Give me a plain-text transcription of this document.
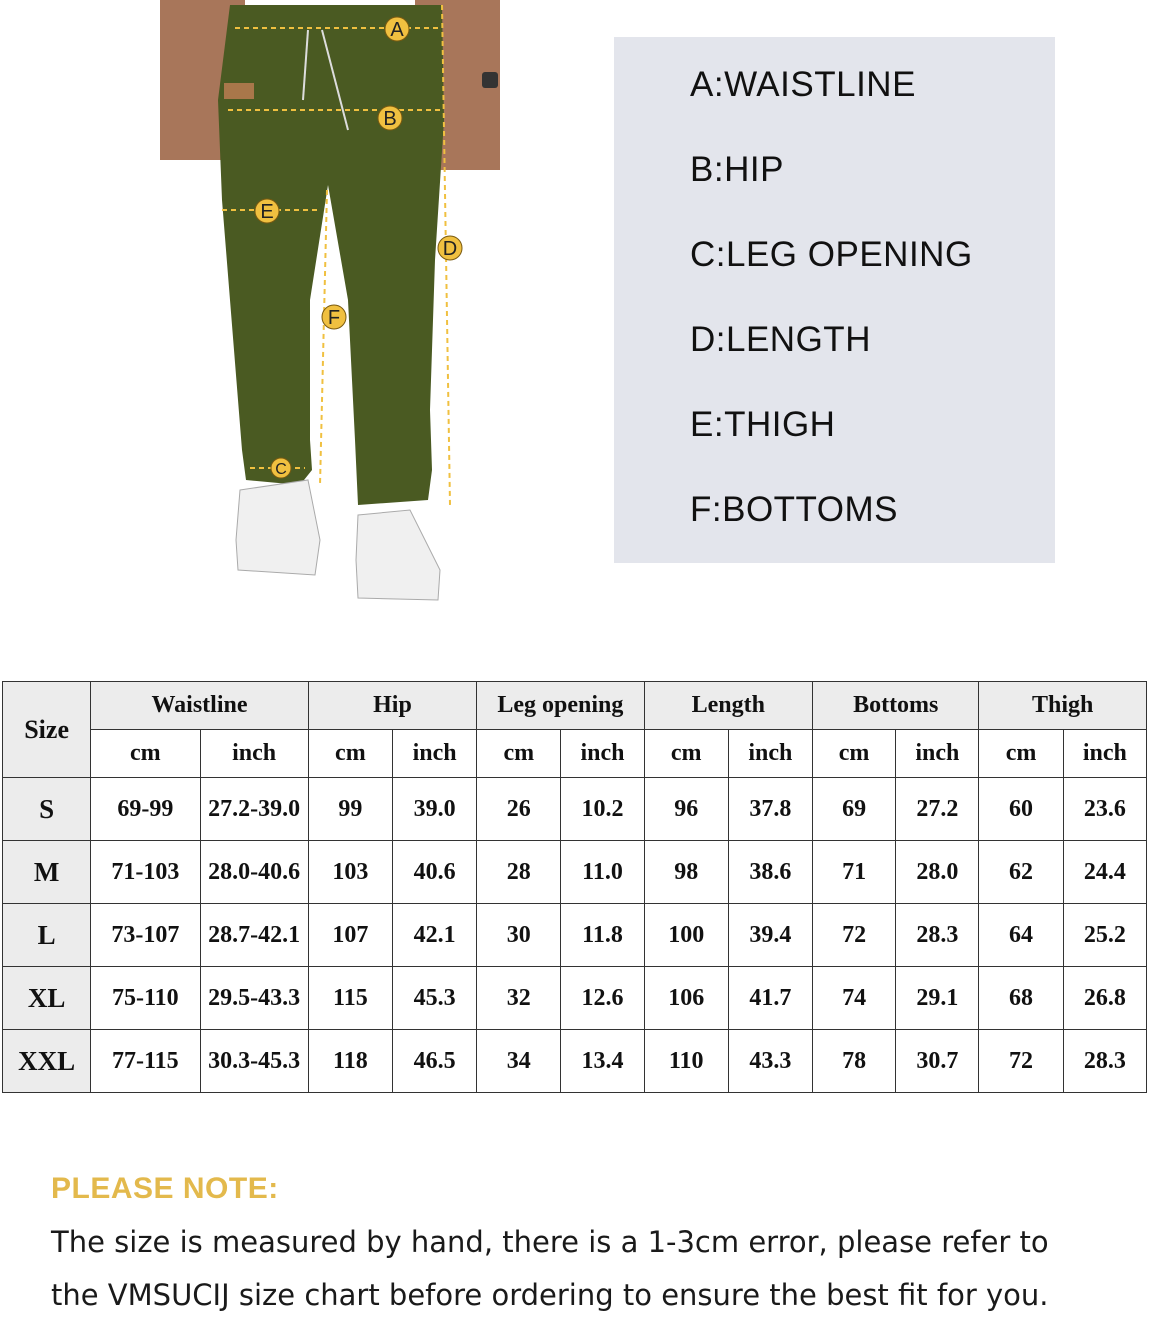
A
B
E
D
F
C
A:WAISTLINE
B:HIP
C:LEG OPENING
D:LENGTH
E:THIGH
F:BOTTOMS
Size	Waistline		Hip		Leg opening		Length		Bottoms		Thigh	
	cm	inch	cm	inch	cm	inch	cm	inch	cm	inch	cm	inch
S	69-99	27.2-39.0	99	39.0	26	10.2	96	37.8	69	27.2	60	23.6
M	71-103	28.0-40.6	103	40.6	28	11.0	98	38.6	71	28.0	62	24.4
L	73-107	28.7-42.1	107	42.1	30	11.8	100	39.4	72	28.3	64	25.2
XL	75-110	29.5-43.3	115	45.3	32	12.6	106	41.7	74	29.1	68	26.8
XXL	77-115	30.3-45.3	118	46.5	34	13.4	110	43.3	78	30.7	72	28.3
PLEASE NOTE:
The size is measured by hand, there is a 1-3cm error, please refer to
the VMSUCIJ size chart before ordering to ensure the best fit for you.
